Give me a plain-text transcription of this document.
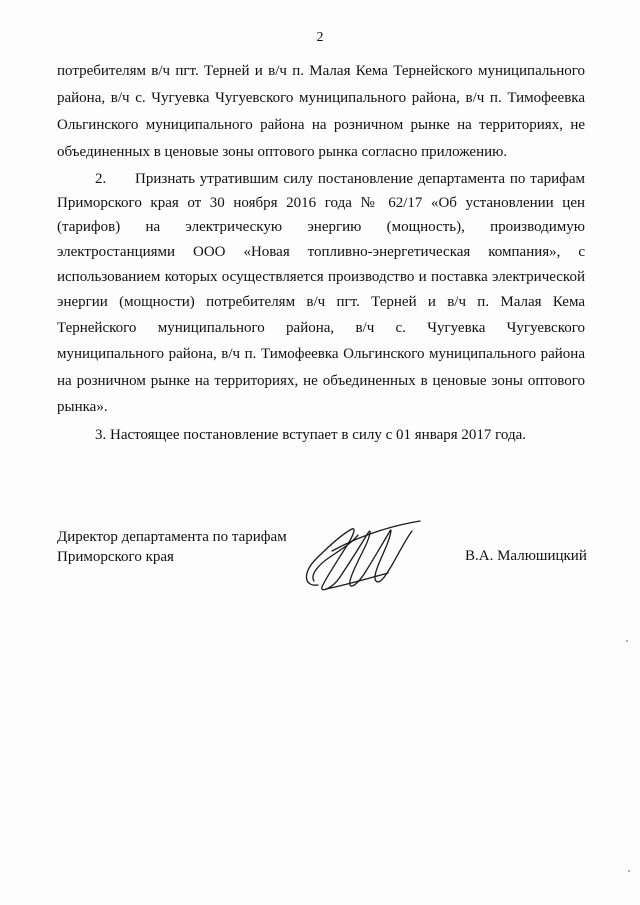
2
потребителям в/ч пгт. Терней и в/ч п. Малая Кема Тернейского муниципального
района, в/ч с. Чугуевка Чугуевского муниципального района, в/ч п. Тимофеевка
Ольгинского муниципального района на розничном рынке на территориях, не
объединенных в ценовые зоны оптового рынка согласно приложению.
2.      Признать утратившим силу постановление департамента по тарифам
Приморского края от 30 ноября 2016 года № 62/17 «Об установлении цен
(тарифов) на электрическую энергию (мощность), производимую
электростанциями ООО «Новая топливно-энергетическая компания», с
использованием которых осуществляется производство и поставка электрической
энергии (мощности) потребителям в/ч пгт. Терней и в/ч п. Малая Кема
Тернейского муниципального района, в/ч с. Чугуевка Чугуевского
муниципального района, в/ч п. Тимофеевка Ольгинского муниципального района
на розничном рынке на территориях, не объединенных в ценовые зоны оптового
рынка».
3. Настоящее постановление вступает в силу с 01 января 2017 года.
Директор департамента по тарифам
Приморского края	В.А. Малюшицкий
